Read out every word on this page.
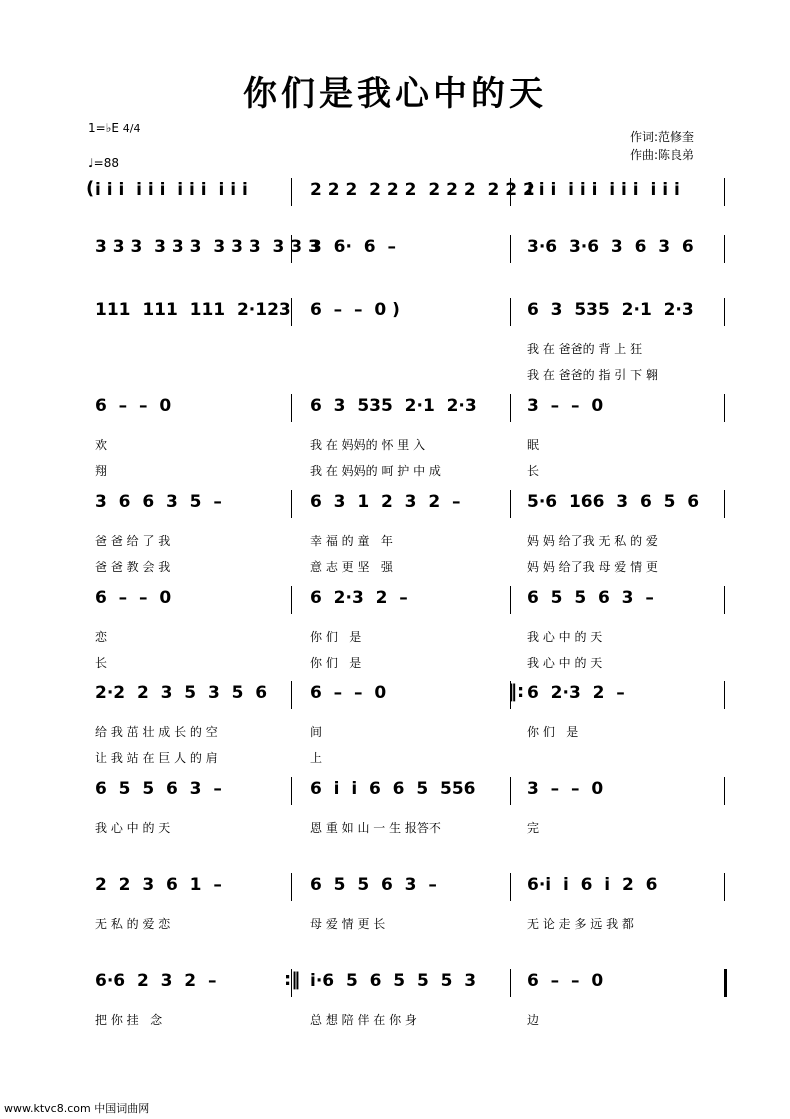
你们是我心中的天
1=♭E 4/4
♩=88
作词:范修奎
作曲:陈良弟
i i i  i i i  i i i  i i i	2 2 2  2 2 2  2 2 2  2 2 2
i i i  i i i  i i i  i i i
(
3 3 3  3 3 3  3 3 3  3 3 3
3  6·  6  –	3·6  3·6  3  6  3  6
111  111  111  2·123 6  –  –  0 )	6  3  535  2·1  2·3
我 在 爸爸的 背 上 狂
我 在 爸爸的 指 引 下 翱
6  –  –  0
欢
翔
6  3  535  2·1  2·3
我 在 妈妈的 怀 里 入
我 在 妈妈的 呵 护 中 成
3  –  –  0
眠
长
3  6  6  3  5  –
爸 爸 给 了 我
爸 爸 教 会 我
6  3  1  2  3  2  –
幸 福 的 童   年
意 志 更 坚   强
5·6  166  3  6  5  6
妈 妈 给了我 无 私 的 爱
妈 妈 给了我 母 爱 情 更
6  –  –  0
恋
长
6  2·3  2  –
你 们   是
你 们   是
6  5  5  6  3  –
我 心 中 的 天
我 心 中 的 天
2·2  2  3  5  3  5  6
给 我 茁 壮 成 长 的 空
让 我 站 在 巨 人 的 肩
6  –  –  0
间
上
6  2·3  2  –
你 们   是
‖:
6  5  5  6  3  –
我 心 中 的 天
6  i  i  6  6  5  556
恩 重 如 山 一 生 报答不
3  –  –  0
完
2  2  3  6  1  –
无 私 的 爱 恋
6  5  5  6  3  –
母 爱 情 更 长
6·i  i  6  i  2  6
无 论 走 多 远 我 都
6·6  2  3  2  –
把 你 挂   念
i·6  5  6  5  5  5  3
总 想 陪 伴 在 你 身
6  –  –  0
边
:‖
www.ktvc8.com 中国词曲网
